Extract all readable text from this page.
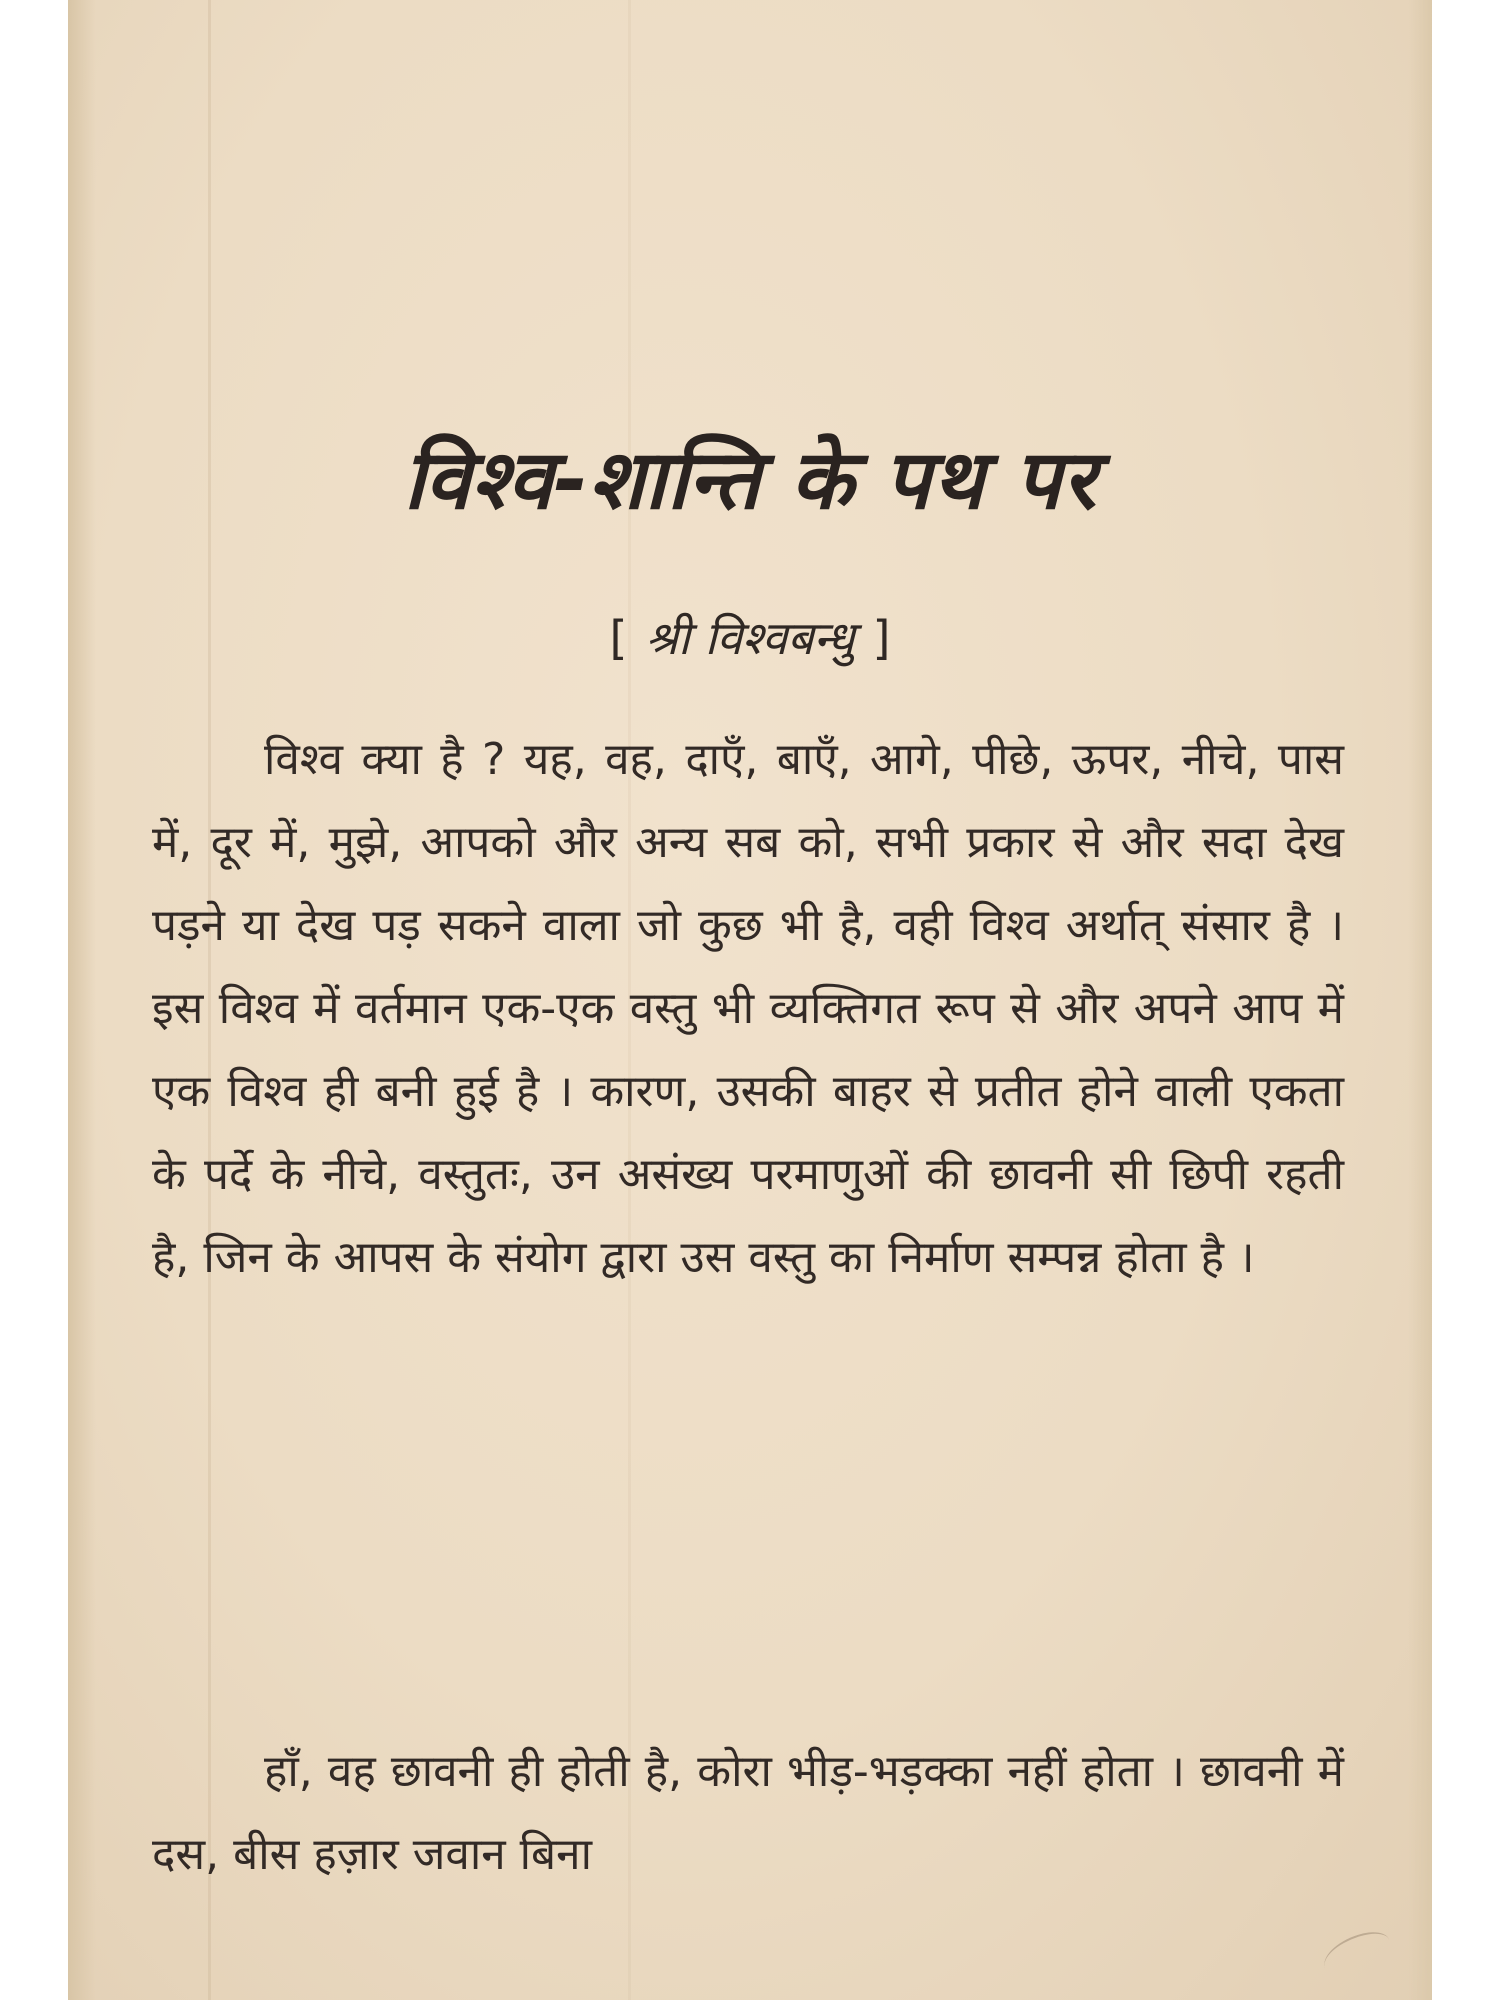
विश्व-शान्ति के पथ पर
[ श्री विश्वबन्धु ]

विश्व क्या है ? यह, वह, दाएँ, बाएँ, आगे, पीछे, ऊपर, नीचे, पास में, दूर में, मुझे, आपको और अन्य सब को, सभी प्रकार से और सदा देख पड़ने या देख पड़ सकने वाला जो कुछ भी है, वही विश्व अर्थात् संसार है । इस विश्व में वर्तमान एक-एक वस्तु भी व्यक्तिगत रूप से और अपने आप में एक विश्व ही बनी हुई है । कारण, उसकी बाहर से प्रतीत होने वाली एकता के पर्दे के नीचे, वस्तुतः, उन असंख्य परमाणुओं की छावनी सी छिपी रहती है, जिन के आपस के संयोग द्वारा उस वस्तु का निर्माण सम्पन्न होता है ।

हाँ, वह छावनी ही होती है, कोरा भीड़-भड़क्का नहीं होता । छावनी में दस, बीस हज़ार जवान बिना
